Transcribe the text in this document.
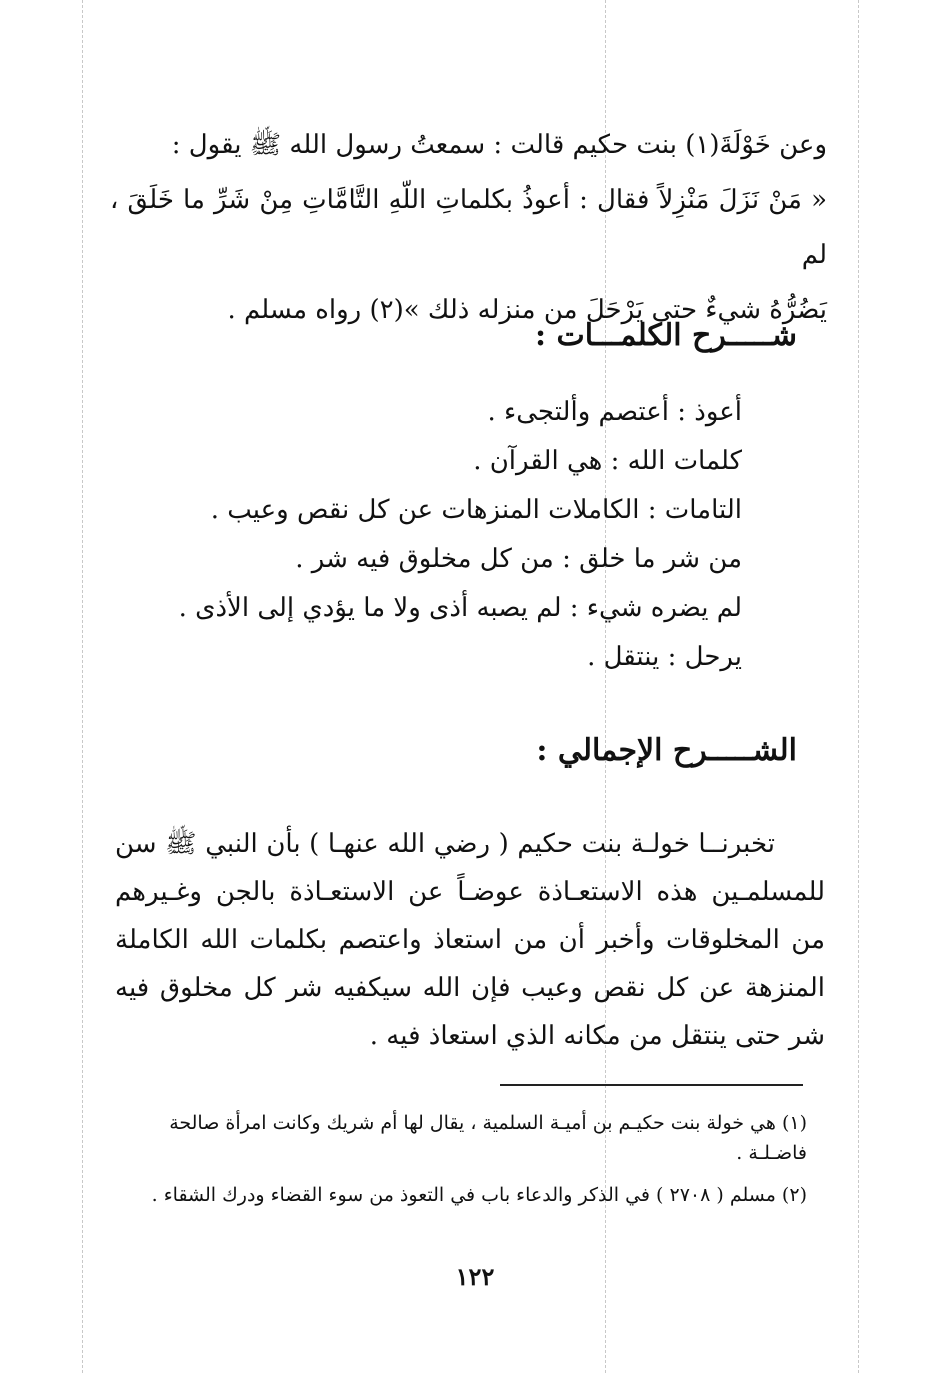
وعن خَوْلَةَ(١) بنت حكيم قالت : سمعتُ رسول الله ﷺ يقول :

« مَنْ نَزَلَ مَنْزِلاً فقال : أعوذُ بكلماتِ اللّهِ التَّامَّاتِ مِنْ شَرِّ ما خَلَقَ ، لم

يَضُرُّهُ شيءٌ حتى يَرْحَلَ من منزله ذلك »(٢) رواه مسلم .

شـــــرح الكلمـــات :
أعوذ : أعتصم وألتجىء .
كلمات الله : هي القرآن .
التامات : الكاملات المنزهات عن كل نقص وعيب .
من شر ما خلق : من كل مخلوق فيه شر .
لم يضره شيء : لم يصبه أذى ولا ما يؤدي إلى الأذى .
يرحل : ينتقل .
الشـــــرح الإجمالي :

تخبرنــا خولـة بنت حكيم ( رضي الله عنهـا ) بأن النبي ﷺ سن للمسلمـين هذه الاستعـاذة عوضـاً عن الاستعـاذة بالجن وغـيرهم من المخلوقات وأخبر أن من استعاذ واعتصم بكلمات الله الكاملة المنزهة عن كل نقص وعيب فإن الله سيكفيه شر كل مخلوق فيه شر حتى ينتقل من مكانه الذي استعاذ فيه .

(١) هي خولة بنت حكيـم بن أميـة السلمية ، يقال لها أم شريك وكانت امرأة صالحة فاضـلـة .

(٢) مسلم ( ٢٧٠٨ ) في الذكر والدعاء باب في التعوذ من سوء القضاء ودرك الشقاء .

١٢٢
